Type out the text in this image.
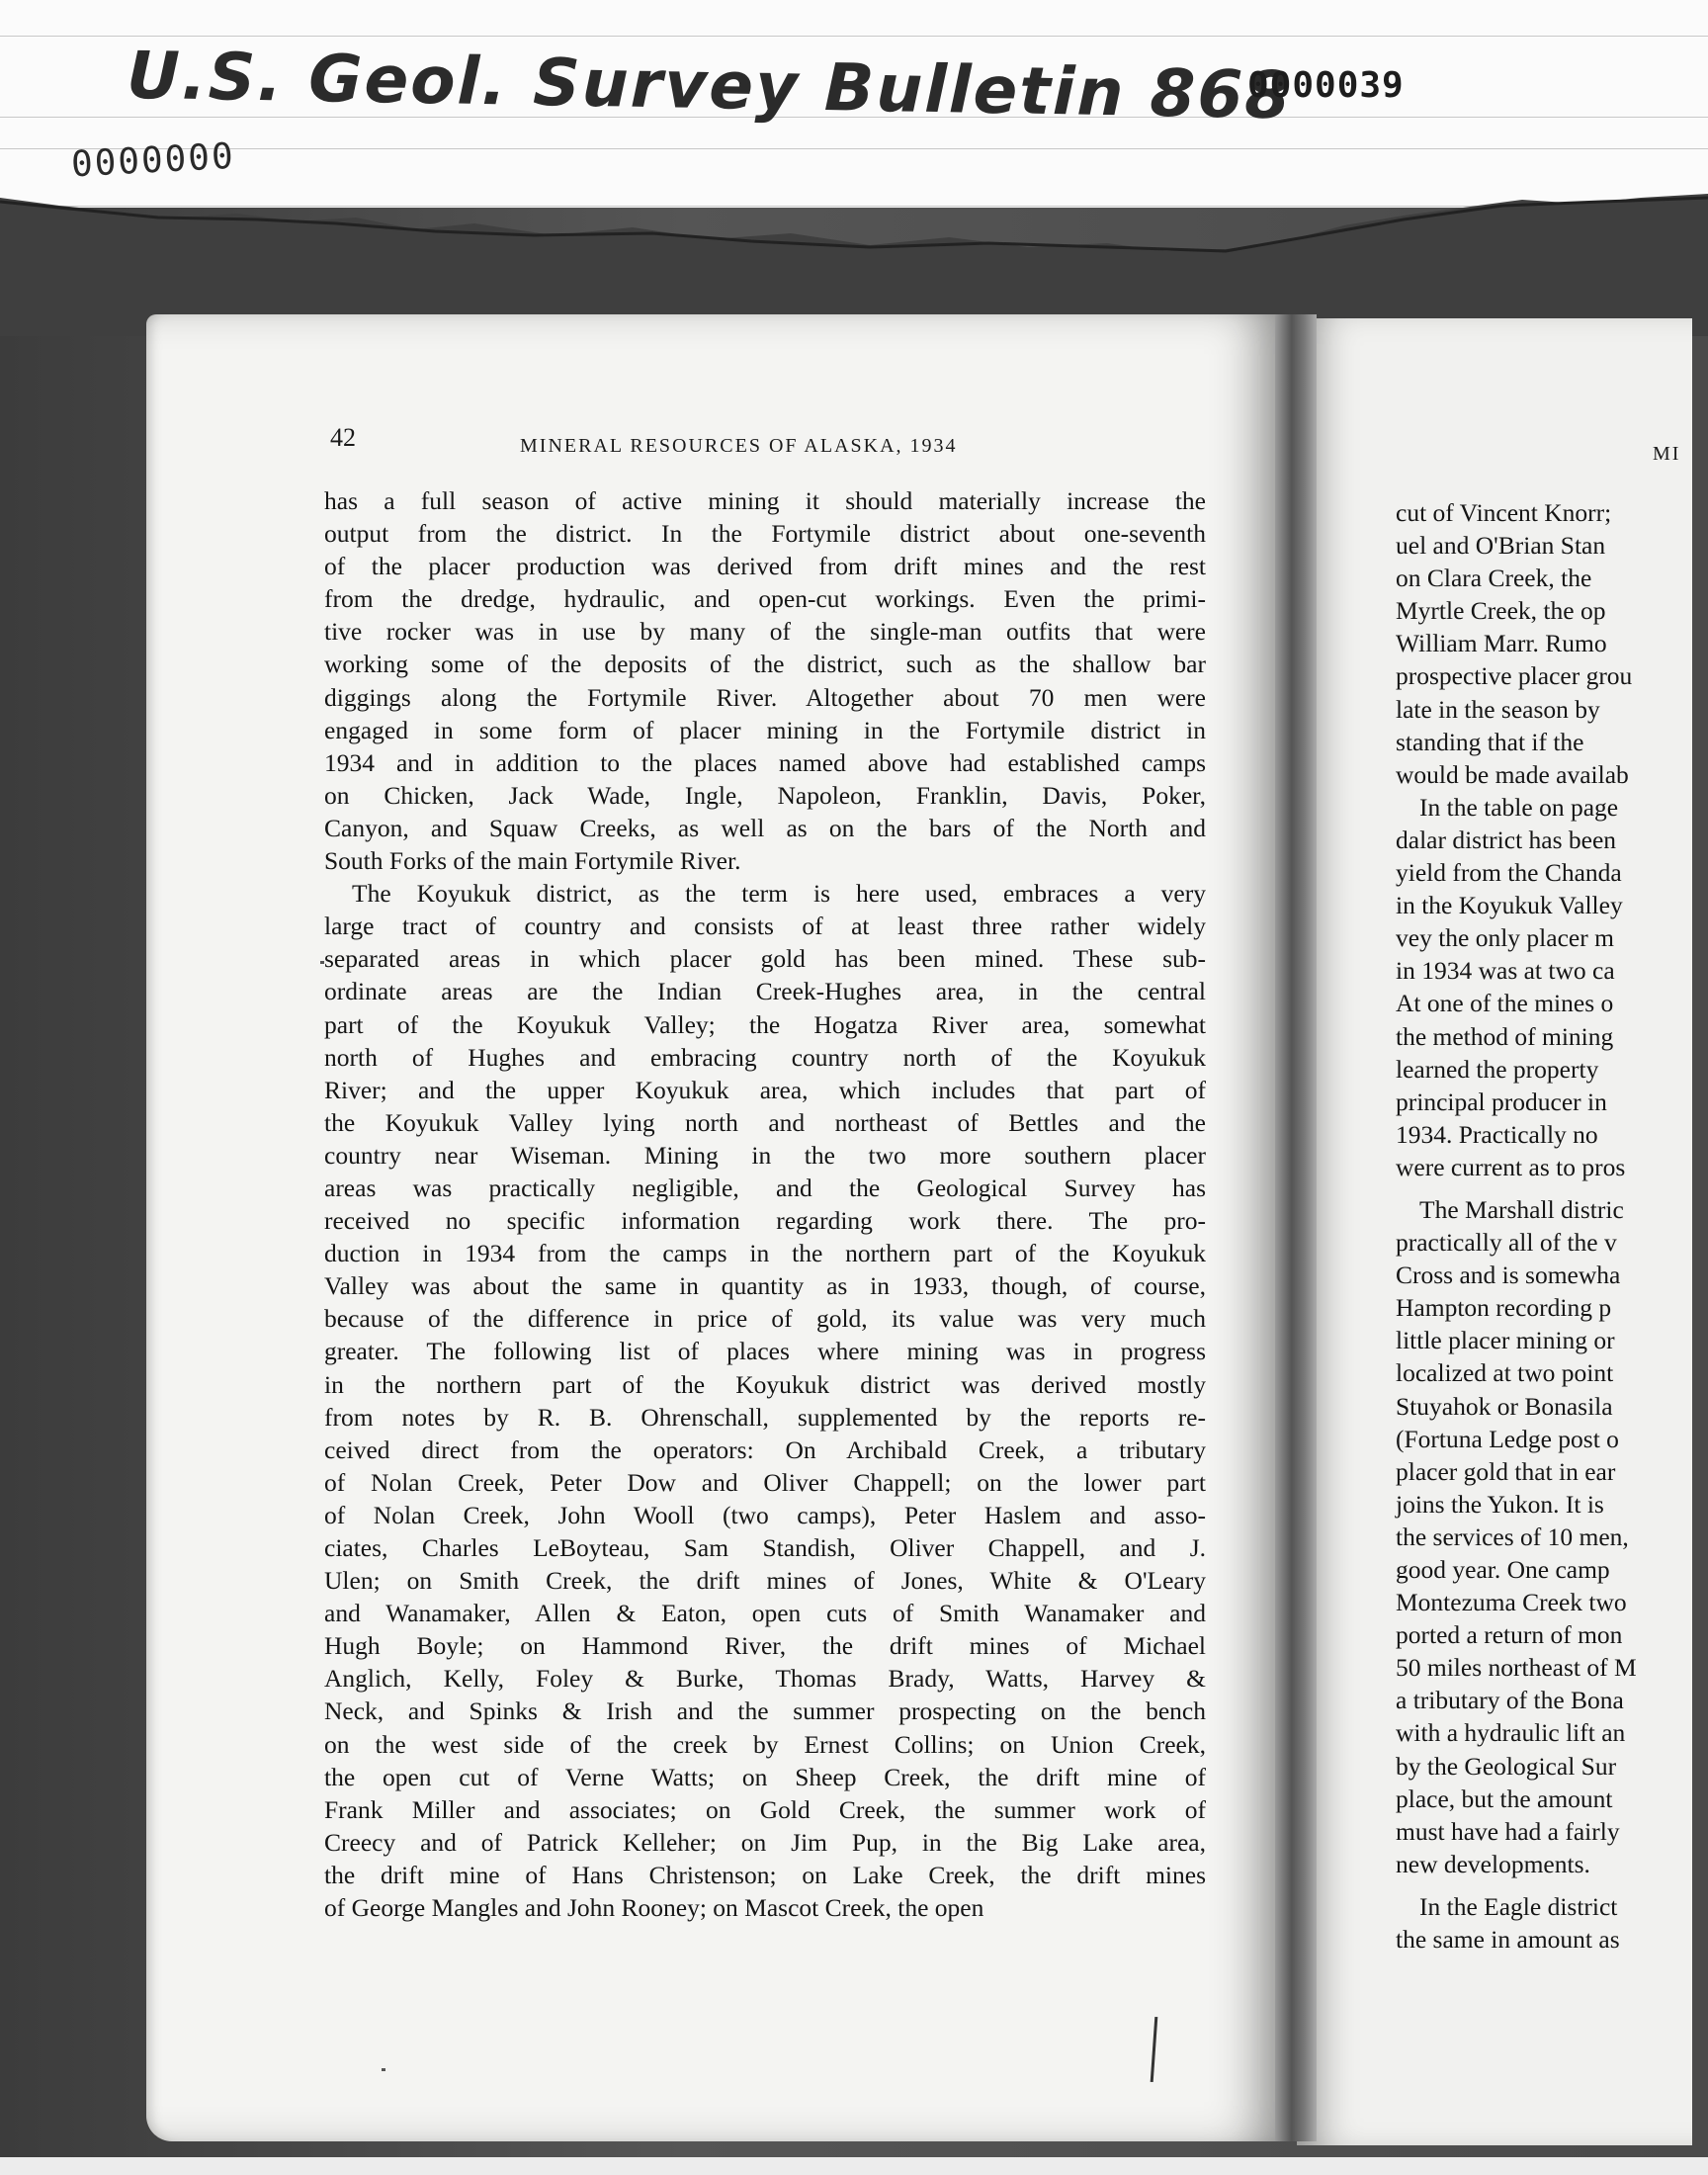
U.S. Geol. Survey Bulletin 868
0000039
0000000
42	MINERAL RESOURCES OF ALASKA, 1934
has a full season of active mining it should materially increase the
output from the district. In the Fortymile district about one-seventh
of the placer production was derived from drift mines and the rest
from the dredge, hydraulic, and open-cut workings. Even the primi-
tive rocker was in use by many of the single-man outfits that were
working some of the deposits of the district, such as the shallow bar
diggings along the Fortymile River. Altogether about 70 men were
engaged in some form of placer mining in the Fortymile district in
1934 and in addition to the places named above had established camps
on Chicken, Jack Wade, Ingle, Napoleon, Franklin, Davis, Poker,
Canyon, and Squaw Creeks, as well as on the bars of the North and
South Forks of the main Fortymile River.
The Koyukuk district, as the term is here used, embraces a very
large tract of country and consists of at least three rather widely
separated areas in which placer gold has been mined. These sub-
ordinate areas are the Indian Creek-Hughes area, in the central
part of the Koyukuk Valley; the Hogatza River area, somewhat
north of Hughes and embracing country north of the Koyukuk
River; and the upper Koyukuk area, which includes that part of
the Koyukuk Valley lying north and northeast of Bettles and the
country near Wiseman. Mining in the two more southern placer
areas was practically negligible, and the Geological Survey has
received no specific information regarding work there. The pro-
duction in 1934 from the camps in the northern part of the Koyukuk
Valley was about the same in quantity as in 1933, though, of course,
because of the difference in price of gold, its value was very much
greater. The following list of places where mining was in progress
in the northern part of the Koyukuk district was derived mostly
from notes by R. B. Ohrenschall, supplemented by the reports re-
ceived direct from the operators: On Archibald Creek, a tributary
of Nolan Creek, Peter Dow and Oliver Chappell; on the lower part
of Nolan Creek, John Wooll (two camps), Peter Haslem and asso-
ciates, Charles LeBoyteau, Sam Standish, Oliver Chappell, and J.
Ulen; on Smith Creek, the drift mines of Jones, White & O'Leary
and Wanamaker, Allen & Eaton, open cuts of Smith Wanamaker and
Hugh Boyle; on Hammond River, the drift mines of Michael
Anglich, Kelly, Foley & Burke, Thomas Brady, Watts, Harvey &
Neck, and Spinks & Irish and the summer prospecting on the bench
on the west side of the creek by Ernest Collins; on Union Creek,
the open cut of Verne Watts; on Sheep Creek, the drift mine of
Frank Miller and associates; on Gold Creek, the summer work of
Creecy and of Patrick Kelleher; on Jim Pup, in the Big Lake area,
the drift mine of Hans Christenson; on Lake Creek, the drift mines
of George Mangles and John Rooney; on Mascot Creek, the open
MI
cut of Vincent Knorr;
uel and O'Brian Stan
on Clara Creek, the
Myrtle Creek, the op
William Marr. Rumo
prospective placer grou
late in the season by
standing that if the
would be made availab
In the table on page
dalar district has been
yield from the Chanda
in the Koyukuk Valley
vey the only placer m
in 1934 was at two ca
At one of the mines o
the method of mining
learned the property
principal producer in
1934. Practically no
were current as to pros
The Marshall distric
practically all of the v
Cross and is somewha
Hampton recording p
little placer mining or
localized at two point
Stuyahok or Bonasila
(Fortuna Ledge post o
placer gold that in ear
joins the Yukon. It is
the services of 10 men,
good year. One camp
Montezuma Creek two
ported a return of mon
50 miles northeast of M
a tributary of the Bona
with a hydraulic lift an
by the Geological Sur
place, but the amount
must have had a fairly
new developments.
In the Eagle district
the same in amount as
